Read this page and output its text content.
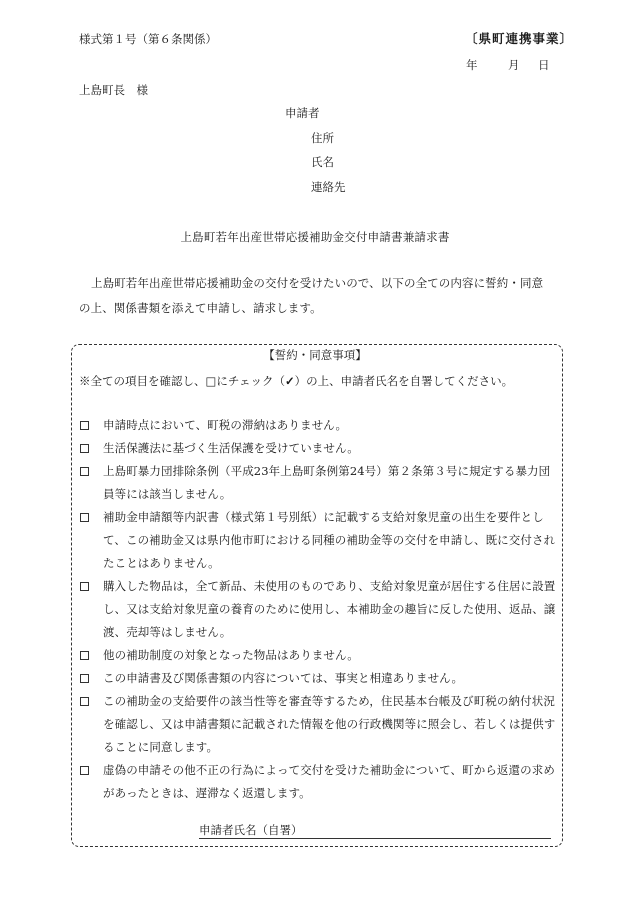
様式第１号（第６条関係）	〔県町連携事業〕
年	月 日
上島町長　様
申請者
住所
氏名
連絡先
上島町若年出産世帯応援補助金交付申請書兼請求書
上島町若年出産世帯応援補助金の交付を受けたいので、以下の全ての内容に誓約・同意の上、関係書類を添えて申請し、請求します。
【誓約・同意事項】
※全ての項目を確認し、□にチェック（✓）の上、申請者氏名を自署してください。
申請時点において、町税の滞納はありません。
生活保護法に基づく生活保護を受けていません。
上島町暴力団排除条例（平成23年上島町条例第24号）第２条第３号に規定する暴力団員等には該当しません。
補助金申請額等内訳書（様式第１号別紙）に記載する支給対象児童の出生を要件として、この補助金又は県内他市町における同種の補助金等の交付を申請し、既に交付されたことはありません。
購入した物品は，全て新品、未使用のものであり、支給対象児童が居住する住居に設置し、又は支給対象児童の養育のために使用し、本補助金の趣旨に反した使用、返品、譲渡、売却等はしません。
他の補助制度の対象となった物品はありません。
この申請書及び関係書類の内容については、事実と相違ありません。
この補助金の支給要件の該当性等を審査等するため，住民基本台帳及び町税の納付状況を確認し、又は申請書類に記載された情報を他の行政機関等に照会し、若しくは提供することに同意します。
虚偽の申請その他不正の行為によって交付を受けた補助金について、町から返還の求めがあったときは、遅滞なく返還します。
申請者氏名（自署）
